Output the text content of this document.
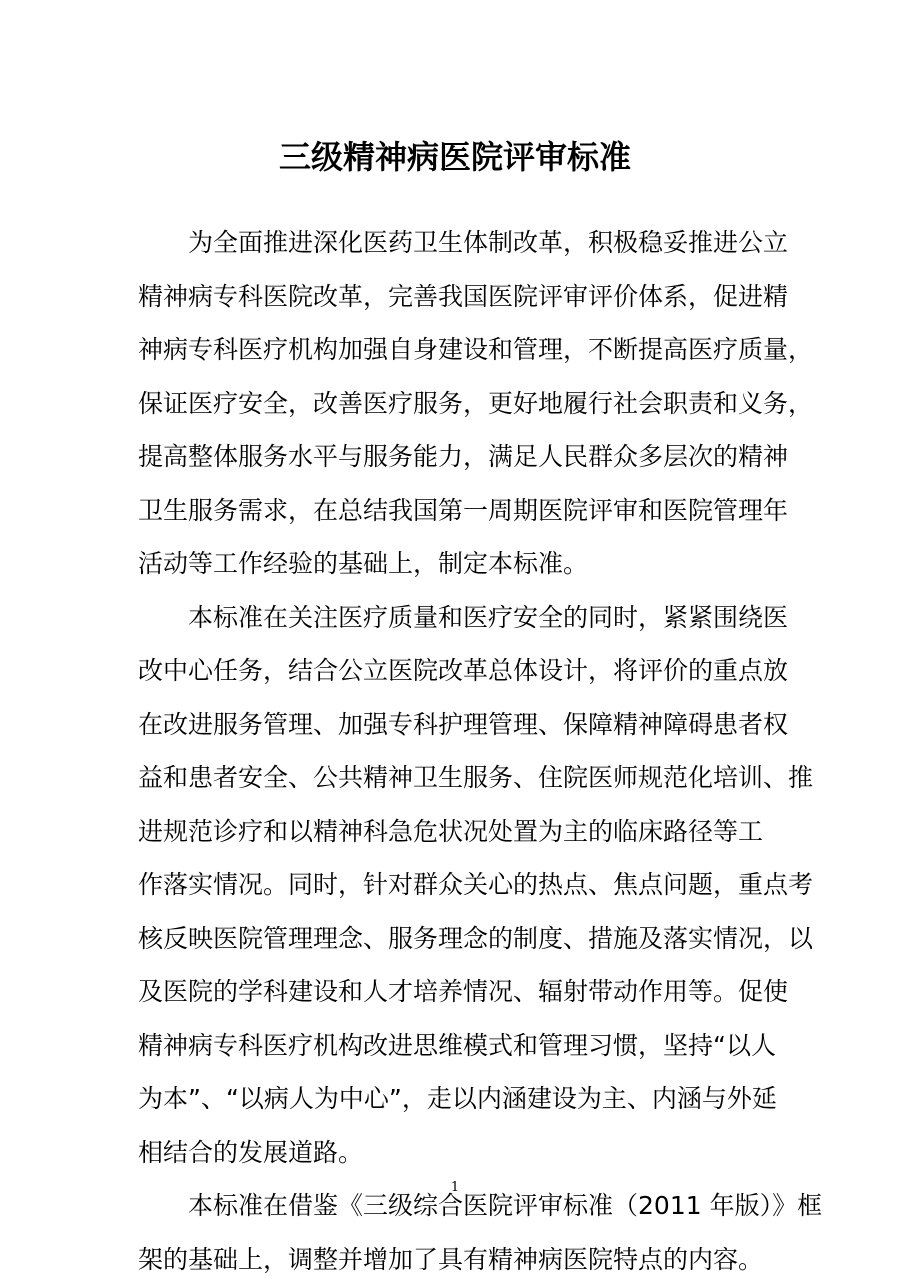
三级精神病医院评审标准

为全面推进深化医药卫生体制改革，积极稳妥推进公立
精神病专科医院改革，完善我国医院评审评价体系，促进精
神病专科医疗机构加强自身建设和管理，不断提高医疗质量，
保证医疗安全，改善医疗服务，更好地履行社会职责和义务，
提高整体服务水平与服务能力，满足人民群众多层次的精神
卫生服务需求，在总结我国第一周期医院评审和医院管理年
活动等工作经验的基础上，制定本标准。

本标准在关注医疗质量和医疗安全的同时，紧紧围绕医
改中心任务，结合公立医院改革总体设计，将评价的重点放
在改进服务管理、加强专科护理管理、保障精神障碍患者权
益和患者安全、公共精神卫生服务、住院医师规范化培训、推
进规范诊疗和以精神科急危状况处置为主的临床路径等工
作落实情况。同时，针对群众关心的热点、焦点问题，重点考
核反映医院管理理念、服务理念的制度、措施及落实情况，以
及医院的学科建设和人才培养情况、辐射带动作用等。促使
精神病专科医疗机构改进思维模式和管理习惯，坚持“以人
为本”、“以病人为中心”，走以内涵建设为主、内涵与外延
相结合的发展道路。

本标准在借鉴《三级综合医院评审标准（2011 年版）》框
架的基础上，调整并增加了具有精神病医院特点的内容。

1
